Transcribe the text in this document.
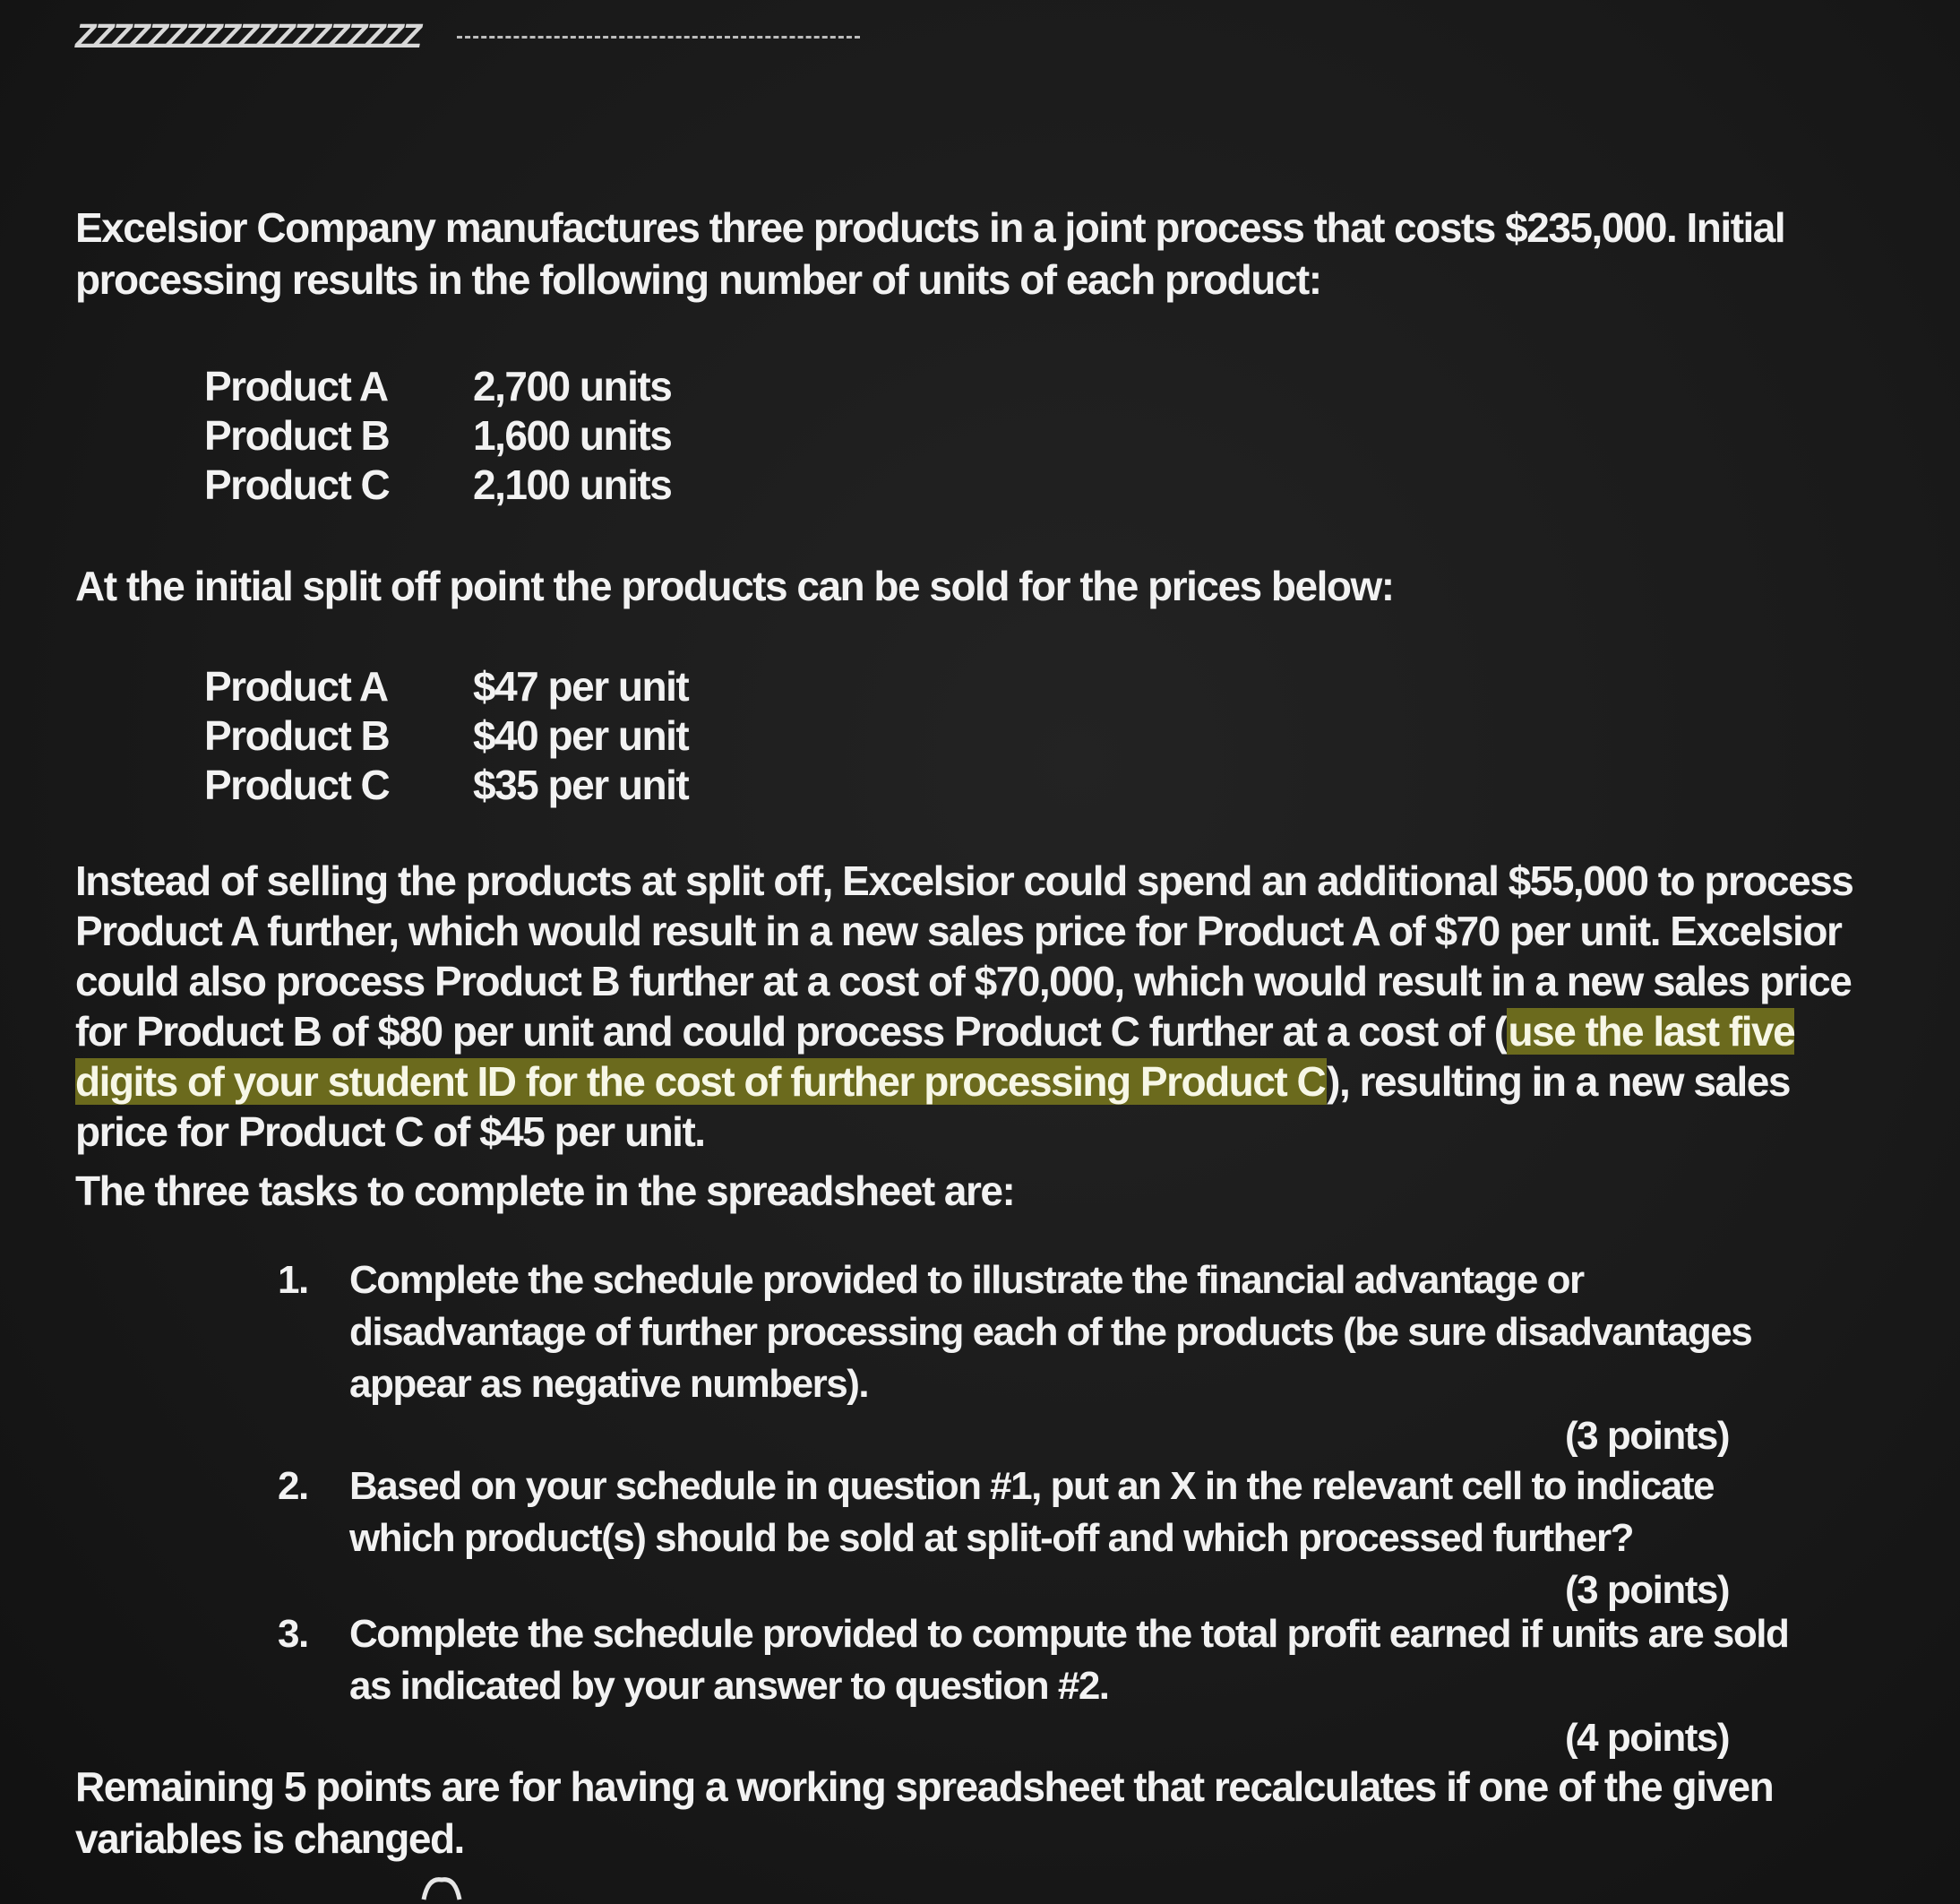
ZZZZZZZZZZZZZZZZZZZ

Excelsior Company manufactures three products in a joint process that costs $235,000. Initial processing results in the following number of units of each product:

Product A	2,700 units
Product B	1,600 units
Product C	2,100 units

At the initial split off point the products can be sold for the prices below:

Product A	$47 per unit
Product B	$40 per unit
Product C	$35 per unit

Instead of selling the products at split off, Excelsior could spend an additional $55,000 to process Product A further, which would result in a new sales price for Product A of $70 per unit. Excelsior could also process Product B further at a cost of $70,000, which would result in a new sales price for Product B of $80 per unit and could process Product C further at a cost of (use the last five digits of your student ID for the cost of further processing Product C), resulting in a new sales price for Product C of $45 per unit.

The three tasks to complete in the spreadsheet are:

1. Complete the schedule provided to illustrate the financial advantage or disadvantage of further processing each of the products (be sure disadvantages appear as negative numbers).
(3 points)
2. Based on your schedule in question #1, put an X in the relevant cell to indicate which product(s) should be sold at split-off and which processed further?
(3 points)
3. Complete the schedule provided to compute the total profit earned if units are sold as indicated by your answer to question #2.
(4 points)

Remaining 5 points are for having a working spreadsheet that recalculates if one of the given variables is changed.
